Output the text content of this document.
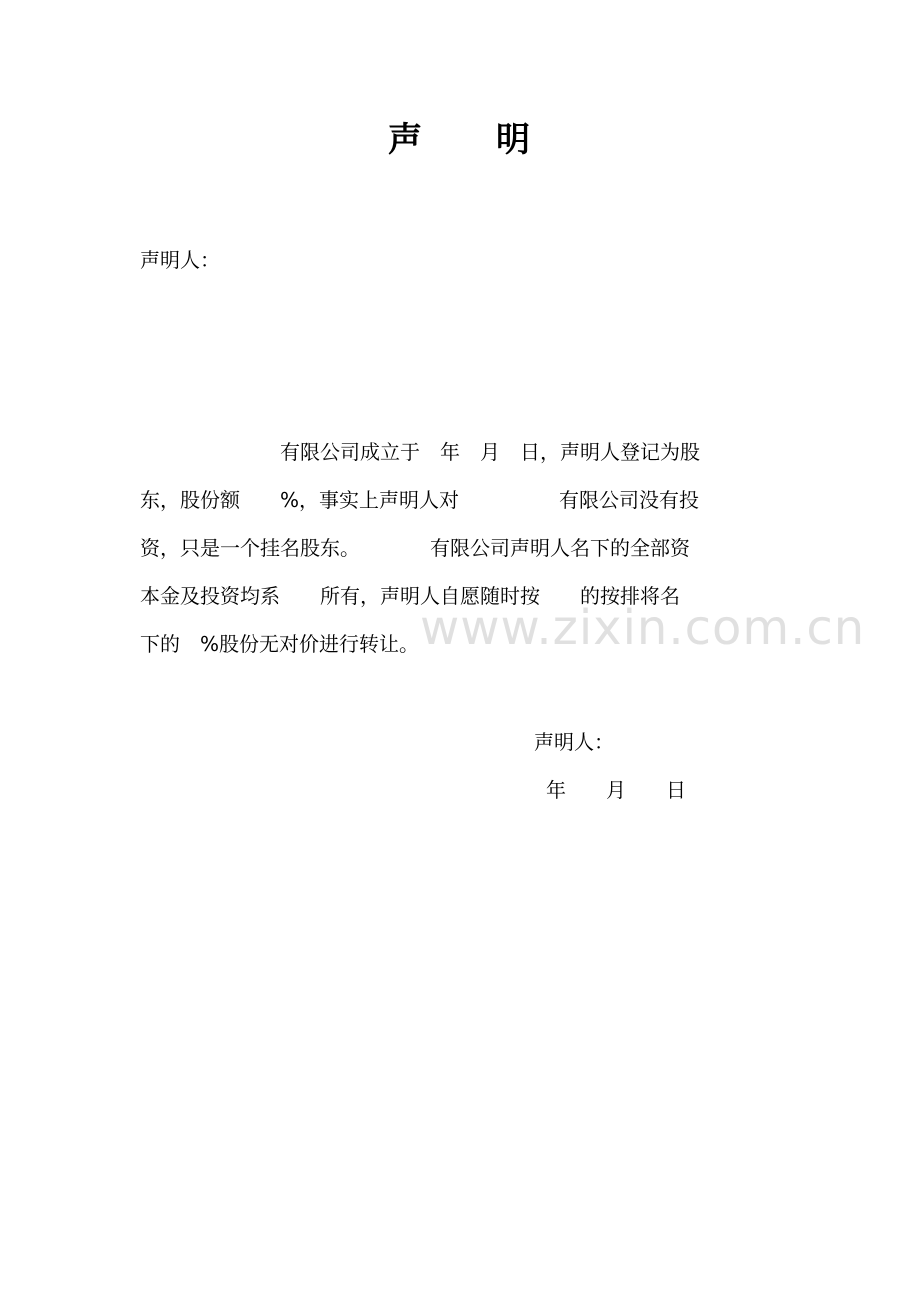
www.zixin.com.cn
声　　明
声明人：
　　　　　　　有限公司成立于　年　月　日，声明人登记为股
东，股份额　　%，事实上声明人对　　　　　有限公司没有投
资，只是一个挂名股东。　　　　有限公司声明人名下的全部资
本金及投资均系　　所有，声明人自愿随时按　　的按排将名
下的　%股份无对价进行转让。
声明人：
年　　月　　日
